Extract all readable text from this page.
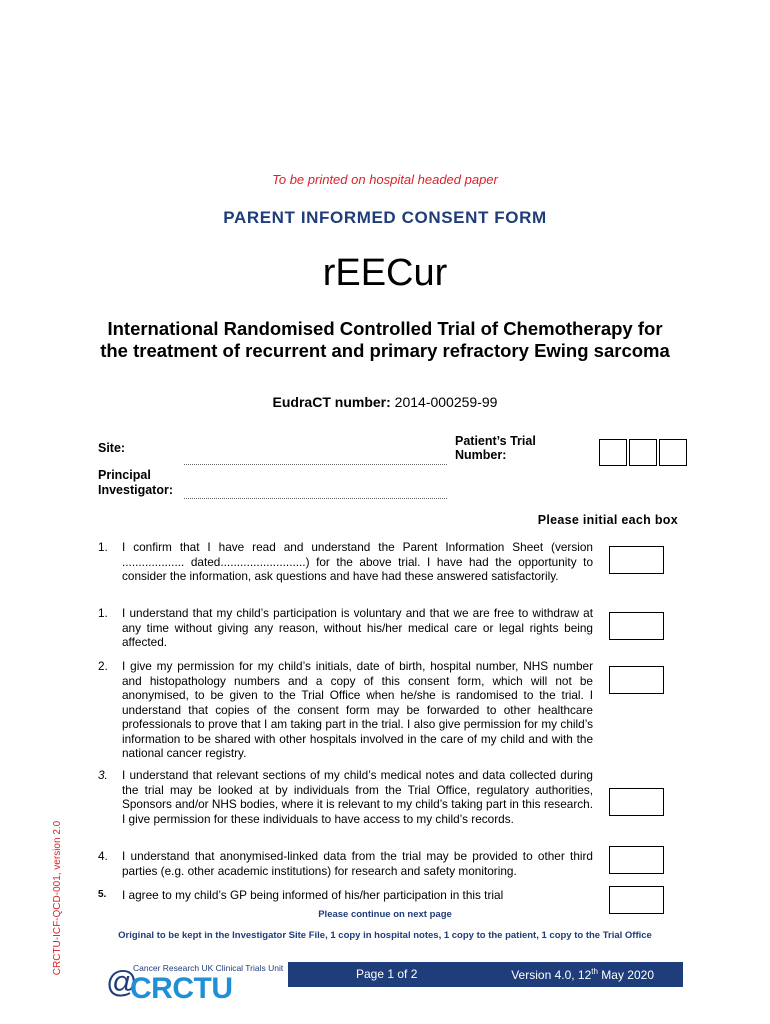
To be printed on hospital headed paper
PARENT INFORMED CONSENT FORM
rEECur
International Randomised Controlled Trial of Chemotherapy for the treatment of recurrent and primary refractory Ewing sarcoma
EudraCT number: 2014-000259-99
Site:
Principal
Investigator:
Patient’s Trial
Number:
Please initial each box
1.	I confirm that I have read and understand the Parent Information Sheet (version ................... dated..........................) for the above trial. I have had the opportunity to consider the information, ask questions and have had these answered satisfactorily.
1.	I understand that my child’s participation is voluntary and that we are free to withdraw at any time without giving any reason, without his/her medical care or legal rights being affected.
2.	I give my permission for my child’s initials, date of birth, hospital number, NHS number and histopathology numbers and a copy of this consent form, which will not be anonymised, to be given to the Trial Office when he/she is randomised to the trial. I understand that copies of the consent form may be forwarded to other healthcare professionals to prove that I am taking part in the trial. I also give permission for my child’s information to be shared with other hospitals involved in the care of my child and with the national cancer registry.
3.	I understand that relevant sections of my child’s medical notes and data collected during the trial may be looked at by individuals from the Trial Office, regulatory authorities, Sponsors and/or NHS bodies, where it is relevant to my child’s taking part in this research. I give permission for these individuals to have access to my child’s records.
4.	I understand that anonymised-linked data from the trial may be provided to other third parties (e.g. other academic institutions) for research and safety monitoring.
5.	I agree to my child’s GP being informed of his/her participation in this trial
Please continue on next page
Original to be kept in the Investigator Site File, 1 copy in hospital notes, 1 copy to the patient, 1 copy to the Trial Office
CRCTU-ICF-QCD-001, version 2.0
@
Cancer Research UK Clinical Trials Unit
CRCTU	Page 1 of 2	Version 4.0, 12th May 2020
